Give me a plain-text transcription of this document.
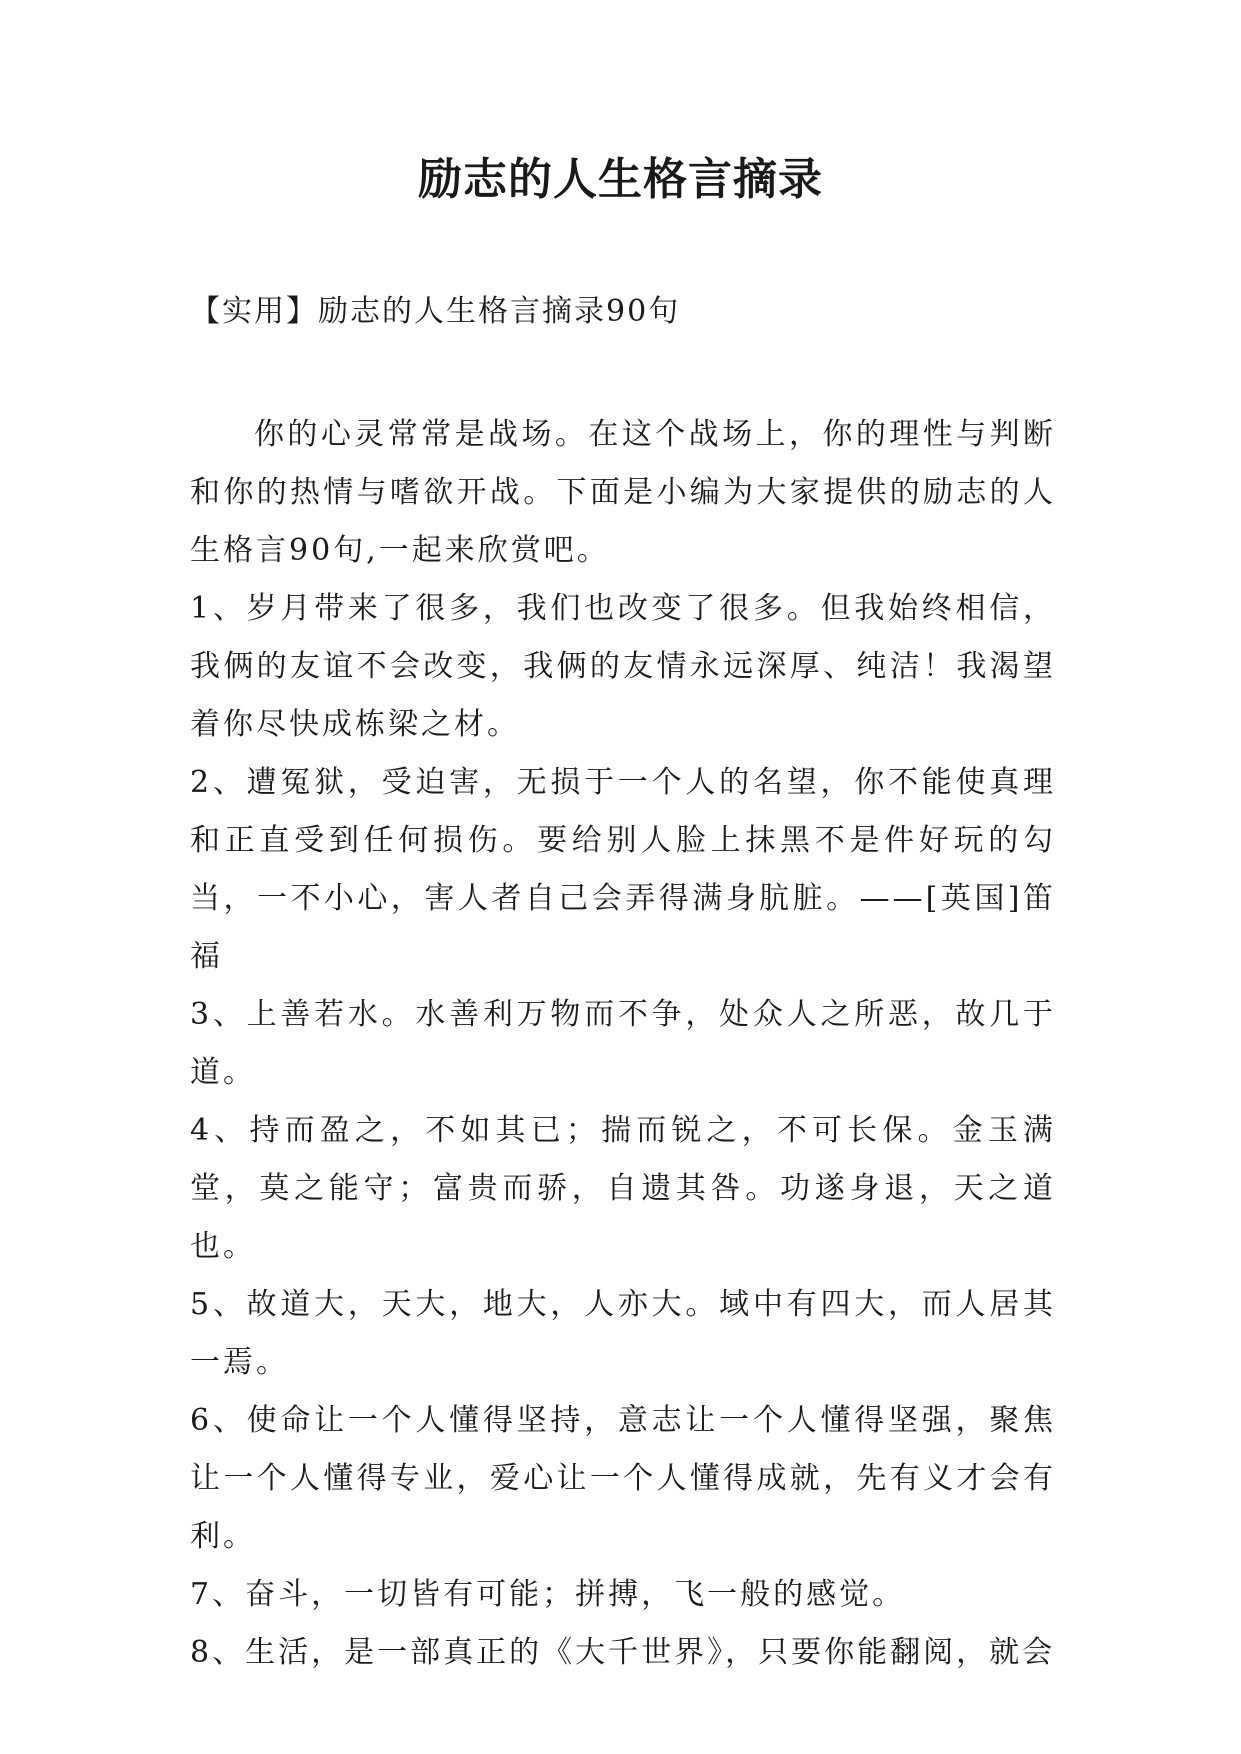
励志的人生格言摘录
【实用】励志的人生格言摘录90句

你的心灵常常是战场。在这个战场上，你的理性与判断和你的热情与嗜欲开战。下面是小编为大家提供的励志的人生格言90句,一起来欣赏吧。

1、岁月带来了很多，我们也改变了很多。但我始终相信，我俩的友谊不会改变，我俩的友情永远深厚、纯洁！我渴望着你尽快成栋梁之材。

2、遭冤狱，受迫害，无损于一个人的名望，你不能使真理和正直受到任何损伤。要给别人脸上抹黑不是件好玩的勾当，一不小心，害人者自己会弄得满身肮脏。——[英国]笛福

3、上善若水。水善利万物而不争，处众人之所恶，故几于道。

4、持而盈之，不如其已；揣而锐之，不可长保。金玉满堂，莫之能守；富贵而骄，自遗其咎。功遂身退，天之道也。

5、故道大，天大，地大，人亦大。域中有四大，而人居其一焉。

6、使命让一个人懂得坚持，意志让一个人懂得坚强，聚焦让一个人懂得专业，爱心让一个人懂得成就，先有义才会有利。

7、奋斗，一切皆有可能；拼搏，飞一般的感觉。

8、生活，是一部真正的《大千世界》，只要你能翻阅，就会
